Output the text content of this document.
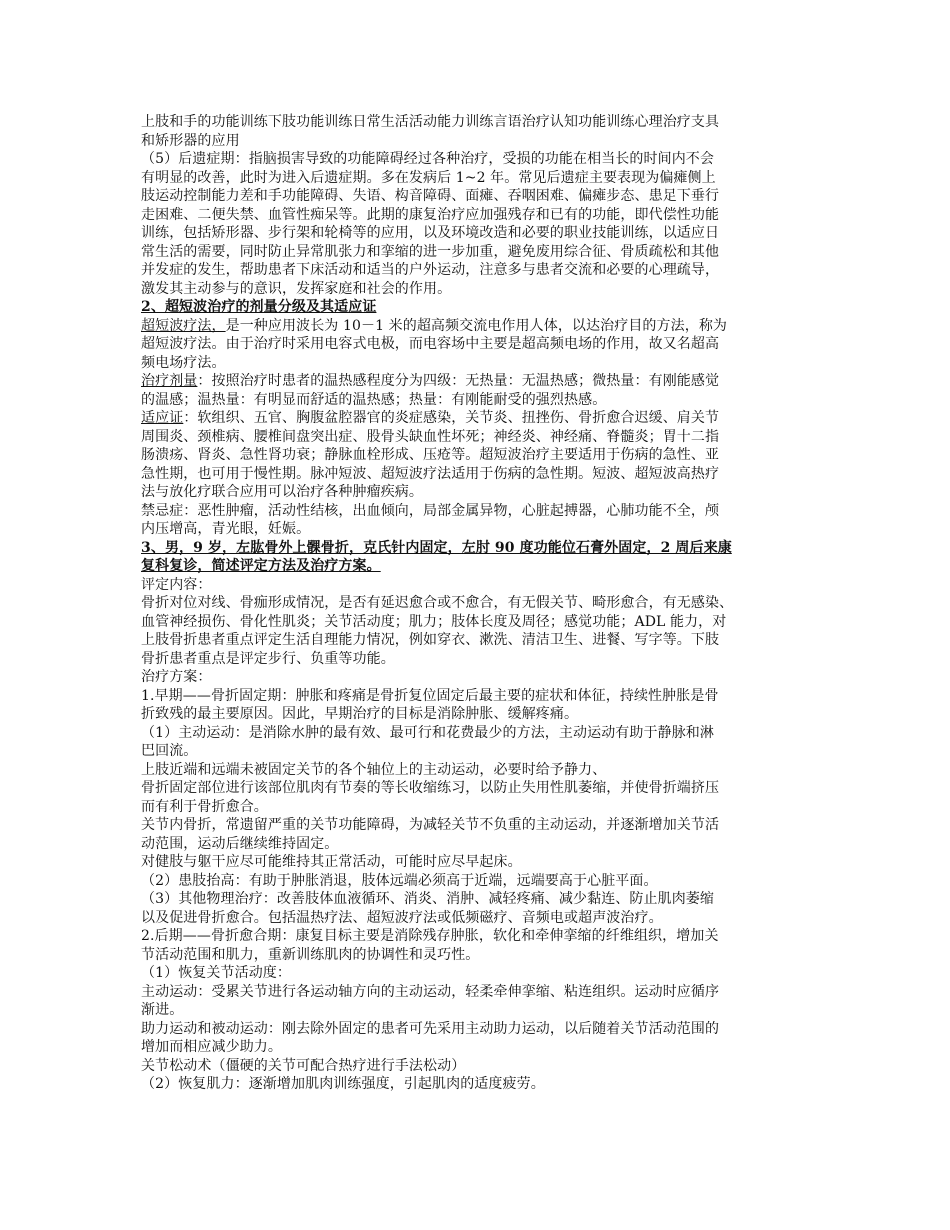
上肢和手的功能训练下肢功能训练日常生活活动能力训练言语治疗认知功能训练心理治疗支具
和矫形器的应用
（5）后遗症期：指脑损害导致的功能障碍经过各种治疗，受损的功能在相当长的时间内不会
有明显的改善，此时为进入后遗症期。多在发病后 1~2 年。常见后遗症主要表现为偏瘫侧上
肢运动控制能力差和手功能障碍、失语、构音障碍、面瘫、吞咽困难、偏瘫步态、患足下垂行
走困难、二便失禁、血管性痴呆等。此期的康复治疗应加强残存和已有的功能，即代偿性功能
训练，包括矫形器、步行架和轮椅等的应用，以及环境改造和必要的职业技能训练，以适应日
常生活的需要，同时防止异常肌张力和挛缩的进一步加重，避免废用综合征、骨质疏松和其他
并发症的发生，帮助患者下床活动和适当的户外运动，注意多与患者交流和必要的心理疏导，
激发其主动参与的意识，发挥家庭和社会的作用。
2、超短波治疗的剂量分级及其适应证
超短波疗法，是一种应用波长为 10－1 米的超高频交流电作用人体，以达治疗目的方法，称为
超短波疗法。由于治疗时采用电容式电极，而电容场中主要是超高频电场的作用，故又名超高
频电场疗法。
治疗剂量：按照治疗时患者的温热感程度分为四级：无热量：无温热感；微热量：有刚能感觉
的温感；温热量：有明显而舒适的温热感；热量：有刚能耐受的强烈热感。
适应证：软组织、五官、胸腹盆腔器官的炎症感染，关节炎、扭挫伤、骨折愈合迟缓、肩关节
周围炎、颈椎病、腰椎间盘突出症、股骨头缺血性坏死；神经炎、神经痛、脊髓炎；胃十二指
肠溃疡、肾炎、急性肾功衰；静脉血栓形成、压疮等。超短波治疗主要适用于伤病的急性、亚
急性期，也可用于慢性期。脉冲短波、超短波疗法适用于伤病的急性期。短波、超短波高热疗
法与放化疗联合应用可以治疗各种肿瘤疾病。
禁忌症：恶性肿瘤，活动性结核，出血倾向，局部金属异物，心脏起搏器，心肺功能不全，颅
内压增高，青光眼，妊娠。
3、男，9 岁，左肱骨外上髁骨折，克氏针内固定，左肘 90 度功能位石膏外固定，2 周后来康
复科复诊，简述评定方法及治疗方案。
评定内容：
骨折对位对线、骨痂形成情况，是否有延迟愈合或不愈合，有无假关节、畸形愈合，有无感染、
血管神经损伤、骨化性肌炎；关节活动度；肌力；肢体长度及周径；感觉功能；ADL 能力，对
上肢骨折患者重点评定生活自理能力情况，例如穿衣、漱洗、清洁卫生、进餐、写字等。下肢
骨折患者重点是评定步行、负重等功能。
治疗方案：
1.早期——骨折固定期：肿胀和疼痛是骨折复位固定后最主要的症状和体征，持续性肿胀是骨
折致残的最主要原因。因此，早期治疗的目标是消除肿胀、缓解疼痛。
（1）主动运动：是消除水肿的最有效、最可行和花费最少的方法，主动运动有助于静脉和淋
巴回流。
上肢近端和远端未被固定关节的各个轴位上的主动运动，必要时给予静力、
骨折固定部位进行该部位肌肉有节奏的等长收缩练习，以防止失用性肌萎缩，并使骨折端挤压
而有利于骨折愈合。
关节内骨折，常遗留严重的关节功能障碍，为减轻关节不负重的主动运动，并逐渐增加关节活
动范围，运动后继续维持固定。
对健肢与躯干应尽可能维持其正常活动，可能时应尽早起床。
（2）患肢抬高：有助于肿胀消退，肢体远端必须高于近端，远端要高于心脏平面。
（3）其他物理治疗：改善肢体血液循环、消炎、消肿、减轻疼痛、减少黏连、防止肌肉萎缩
以及促进骨折愈合。包括温热疗法、超短波疗法或低频磁疗、音频电或超声波治疗。
2.后期——骨折愈合期：康复目标主要是消除残存肿胀，软化和牵伸挛缩的纤维组织，增加关
节活动范围和肌力，重新训练肌肉的协调性和灵巧性。
（1）恢复关节活动度：
主动运动：受累关节进行各运动轴方向的主动运动，轻柔牵伸挛缩、粘连组织。运动时应循序
渐进。
助力运动和被动运动：刚去除外固定的患者可先采用主动助力运动，以后随着关节活动范围的
增加而相应减少助力。
关节松动术（僵硬的关节可配合热疗进行手法松动）
（2）恢复肌力：逐渐增加肌肉训练强度，引起肌肉的适度疲劳。
